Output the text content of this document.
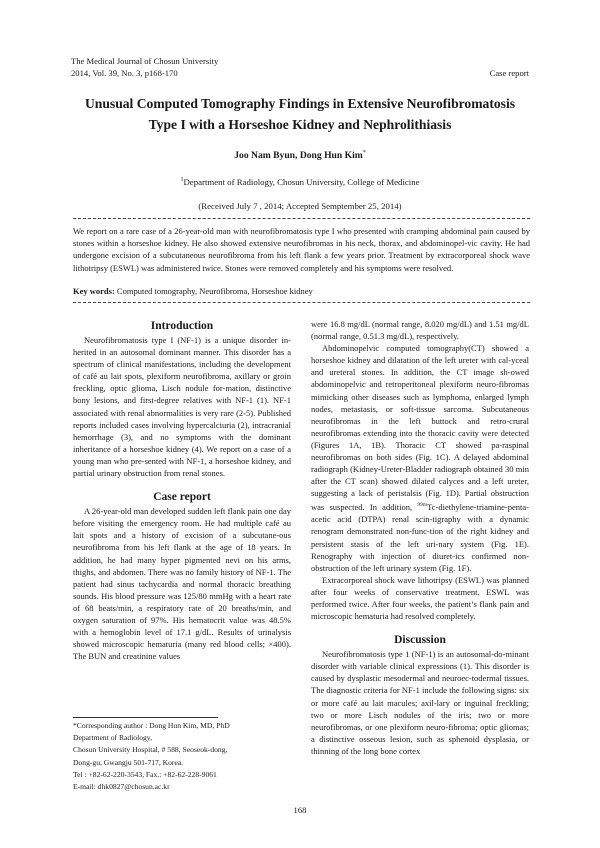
The Medical Journal of Chosun University
2014, Vol. 39, No. 3, p168-170	Case report
Unusual Computed Tomography Findings in Extensive Neurofibromatosis
Type I with a Horseshoe Kidney and Nephrolithiasis
Joo Nam Byun, Dong Hun Kim*
$^1$Department of Radiology, Chosun University, College of Medicine
(Received July 7 , 2014; Accepted Semptember 25, 2014)
We report on a rare case of a 26-year-old man with neurofibromatosis type I who presented with cramping abdominal pain caused by stones within a horseshoe kidney. He also showed extensive neurofibromas in his neck, thorax, and abdominopel-vic cavity. He had undergone excision of a subcutaneous neurofibroma from his left flank a few years prior. Treatment by extracorporeal shock wave lithotripsy (ESWL) was administered twice. Stones were removed completely and his symptoms were resolved.
Key words: Computed tomography, Neurofibroma, Horseshoe kidney
Introduction

Neurofibromatosis type I (NF-1) is a unique disorder in-herited in an autosomal dominant manner. This disorder has a spectrum of clinical manifestations, including the development of café au lait spots, plexiform neurofibroma, axillary or groin freckling, optic glioma, Lisch nodule for-mation, distinctive bony lesions, and first-degree relatives with NF-1 (1). NF-1 associated with renal abnormalities is very rare (2-5). Published reports included cases involving hypercalciuria (2), intracranial hemorrhage (3), and no symptoms with the dominant inheritance of a horseshoe kidney (4). We report on a case of a young man who pre-sented with NF-1, a horseshoe kidney, and partial urinary obstruction from renal stones.

Case report

A 26-year-old man developed sudden left flank pain one day before visiting the emergency room. He had multiple café au lait spots and a history of excision of a subcutane-ous neurofibroma from his left flank at the age of 18 years. In addition, he had many hyper pigmented nevi on his arms, thighs, and abdomen. There was no family history of NF-1. The patient had sinus tachycardia and normal thoracic breathing sounds. His blood pressure was 125/80 mmHg with a heart rate of 68 beats/min, a respiratory rate of 20 breaths/min, and oxygen saturation of 97%. His hematocrit value was 48.5% with a hemoglobin level of 17.1 g/dL. Results of urinalysis showed microscopic hematuria (many red blood cells; ×400). The BUN and creatinine values

were 16.8 mg/dL (normal range, 8.020 mg/dL) and 1.51 mg/dL (normal range, 0.51.3 mg/dL), respectively.

Abdominopelvic computed tomography(CT) showed a horseshoe kidney and dilatation of the left ureter with cal-yceal and ureteral stones. In addition, the CT image sh-owed abdominopelvic and retroperitoneal plexiform neuro-fibromas mimicking other diseases such as lymphoma, enlarged lymph nodes, metastasis, or soft-tissue sarcoma. Subcutaneous neurofibromas in the left buttock and retro-crural neurofibromas extending into the thoracic cavity were detected (Figures 1A, 1B). Thoracic CT showed pa-raspinal neurofibromas on both sides (Fig. 1C). A delayed abdominal radiograph (Kidney-Ureter-Bladder radiograph obtained 30 min after the CT scan) showed dilated calyces and a left ureter, suggesting a lack of peristalsis (Fig. 1D). Partial obstruction was suspected. In addition, $^{99m}$Tc-diethylene-triamine-penta-acetic acid (DTPA) renal scin-tigraphy with a dynamic renogram demonstrated non-func-tion of the right kidney and persistent stasis of the left uri-nary system (Fig. 1E). Renography with injection of diuret-ics confirmed non-obstruction of the left urinary system (Fig. 1F).

Extracorporeal shock wave lithotripsy (ESWL) was planned after four weeks of conservative treatment. ESWL was performed twice. After four weeks, the patient’s flank pain and microscopic hematuria had resolved completely.

Discussion

Neurofibromatosis type 1 (NF-1) is an autosomal-do-minant disorder with variable clinical expressions (1). This disorder is caused by dysplastic mesodermal and neuroec-todermal tissues. The diagnostic criteria for NF-1 include the following signs: six or more café au lait macules; axil-lary or inguinal freckling; two or more Lisch nodules of the iris; two or more neurofibromas, or one plexiform neuro-fibroma; optic gliomas; a distinctive osseous lesion, such as sphenoid dysplasia, or thinning of the long bone cortex

*Corresponding author : Dong Hun Kim, MD, PhD
Department of Radiology,
Chosun University Hospital, # 588, Seoseok-dong,
Dong-gu, Gwangju 501-717, Korea.
Tel : +82-62-220-3543, Fax.: +82-62-228-9061
E-mail: dhk0827@chosun.ac.kr
168
